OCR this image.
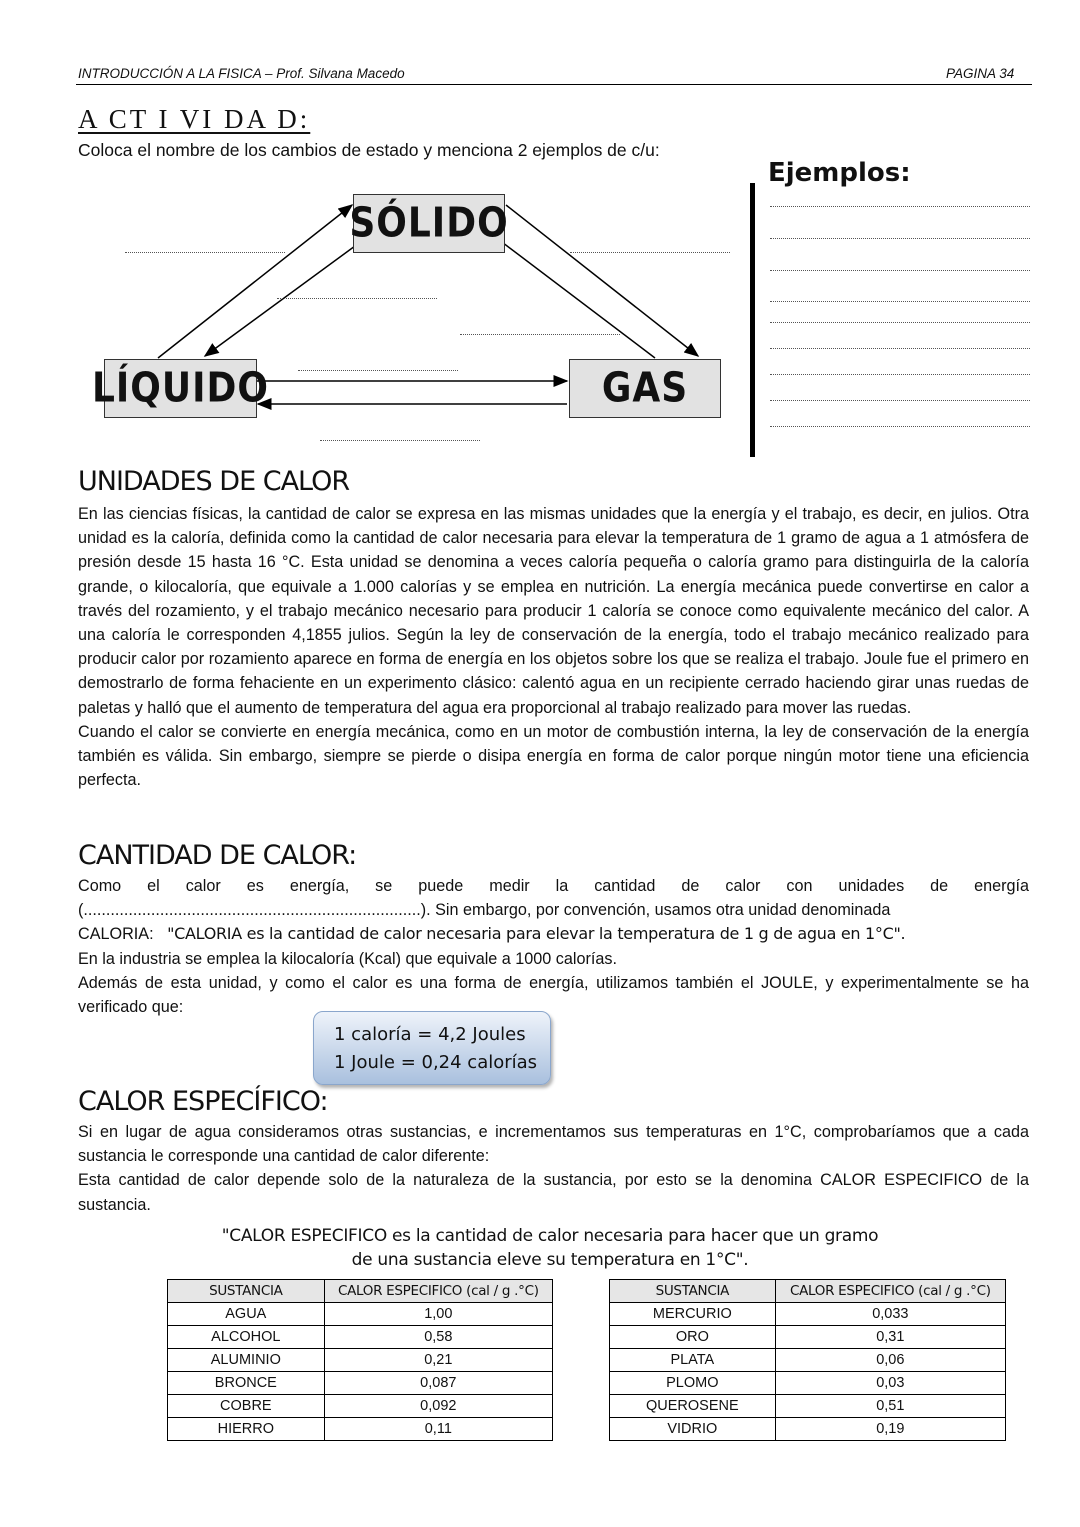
INTRODUCCIÓN A LA FISICA – Prof. Silvana Macedo	PAGINA 34
A CT I VI DA D:
Coloca el nombre de los cambios de estado y menciona 2 ejemplos de c/u:
SÓLIDO
LÍQUIDO	GAS
Ejemplos:
UNIDADES DE CALOR

En las ciencias físicas, la cantidad de calor se expresa en las mismas unidades que la energía y el trabajo, es decir, en julios. Otra unidad es la caloría, definida como la cantidad de calor necesaria para elevar la temperatura de 1 gramo de agua a 1 atmósfera de presión desde 15 hasta 16 °C. Esta unidad se denomina a veces caloría pequeña o caloría gramo para distinguirla de la caloría grande, o kilocaloría, que equivale a 1.000 calorías y se emplea en nutrición. La energía mecánica puede convertirse en calor a través del rozamiento, y el trabajo mecánico necesario para producir 1 caloría se conoce como equivalente mecánico del calor. A una caloría le corresponden 4,1855 julios. Según la ley de conservación de la energía, todo el trabajo mecánico realizado para producir calor por rozamiento aparece en forma de energía en los objetos sobre los que se realiza el trabajo. Joule fue el primero en demostrarlo de forma fehaciente en un experimento clásico: calentó agua en un recipiente cerrado haciendo girar unas ruedas de paletas y halló que el aumento de temperatura del agua era proporcional al trabajo realizado para mover las ruedas.

Cuando el calor se convierte en energía mecánica, como en un motor de combustión interna, la ley de conservación de la energía también es válida. Sin embargo, siempre se pierde o disipa energía en forma de calor porque ningún motor tiene una eficiencia perfecta.

CANTIDAD DE CALOR:

Como el calor es energía, se puede medir la cantidad de calor con unidades de energía (...........................................................................). Sin embargo, por convención, usamos otra unidad denominada

CALORIA: "CALORIA es la cantidad de calor necesaria para elevar la temperatura de 1 g de agua en 1°C".

En la industria se emplea la kilocaloría (Kcal) que equivale a 1000 calorías.

Además de esta unidad, y como el calor es una forma de energía, utilizamos también el JOULE, y experimentalmente se ha verificado que:

1 caloría = 4,2 Joules
1 Joule = 0,24 calorías
CALOR ESPECÍFICO:

Si en lugar de agua consideramos otras sustancias, e incrementamos sus temperaturas en 1°C, comprobaríamos que a cada sustancia le corresponde una cantidad de calor diferente:

Esta cantidad de calor depende solo de la naturaleza de la sustancia, por esto se la denomina CALOR ESPECIFICO de la sustancia.

"CALOR ESPECIFICO es la cantidad de calor necesaria para hacer que un gramo
de una sustancia eleve su temperatura en 1°C".
SUSTANCIA	CALOR ESPECIFICO (cal / g .°C)
AGUA	1,00
ALCOHOL	0,58
ALUMINIO	0,21
BRONCE	0,087
COBRE	0,092
HIERRO	0,11
SUSTANCIA	CALOR ESPECIFICO (cal / g .°C)
MERCURIO	0,033
ORO	0,31
PLATA	0,06
PLOMO	0,03
QUEROSENE	0,51
VIDRIO	0,19
